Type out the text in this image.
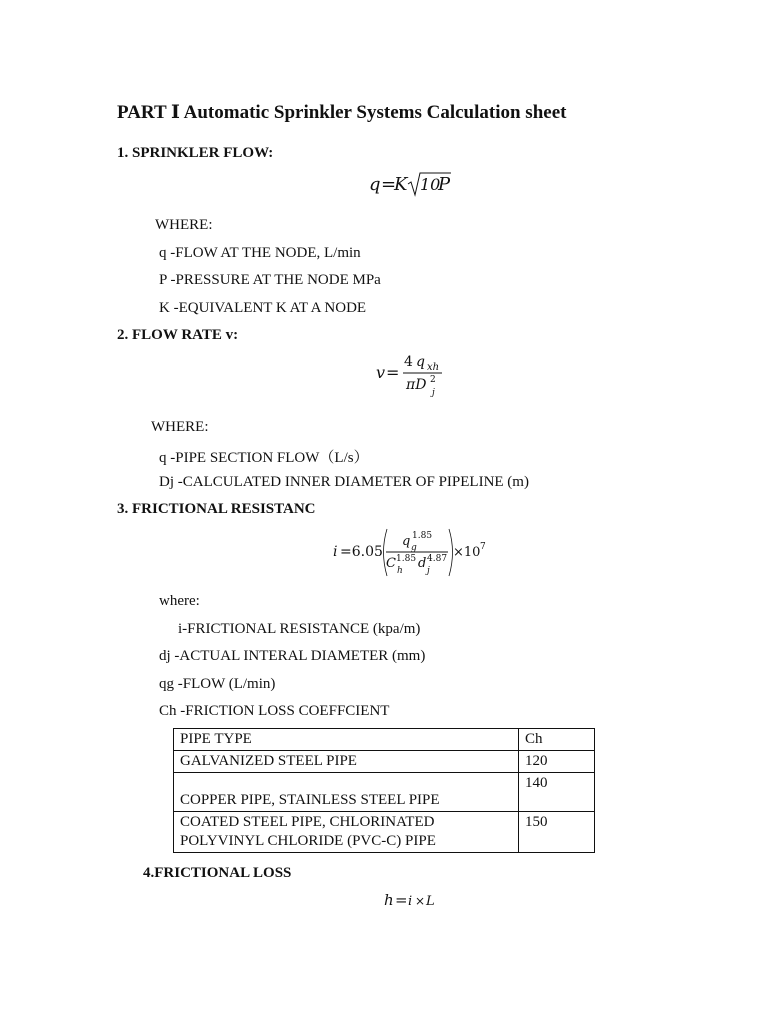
PART Ⅰ Automatic Sprinkler Systems Calculation sheet
1. SPRINKLER FLOW:
q =
K 10
P
WHERE:
q -FLOW AT THE NODE, L/min
P -PRESSURE AT THE NODE MPa
K -EQUIVALENT K AT A NODE
2. FLOW RATE v:
v =
4 q xh
πD 2
j
WHERE:
q -PIPE SECTION FLOW（L/s）
Dj -CALCULATED INNER DIAMETER OF PIPELINE (m)
3. FRICTIONAL RESISTANC
i =6.05
q 1.85
g
C 1.85
h d 4.87
j
×10 7
where:
i-FRICTIONAL RESISTANCE (kpa/m)
dj -ACTUAL INTERAL DIAMETER (mm)
qg -FLOW (L/min)
Ch -FRICTION LOSS COEFFCIENT
PIPE TYPE	Ch
GALVANIZED STEEL PIPE	120
COPPER PIPE, STAINLESS STEEL PIPE	140
COATED STEEL PIPE, CHLORINATED
POLYVINYL CHLORIDE (PVC-C) PIPE	150
4.FRICTIONAL LOSS
h = i × L
